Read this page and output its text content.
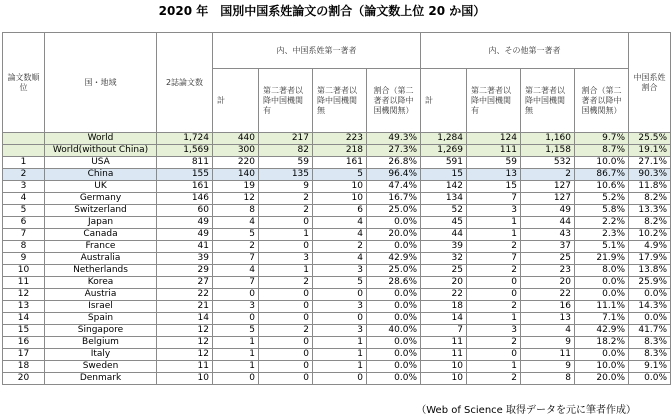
2020 年　国別中国系姓論文の割合（論文数上位 20 か国）
論文数順位	国・地域	2誌論文数	内、中国系姓第一著者				内、その他第一著者				中国系姓割合
			計	第二著者以降中国機関有	第二著者以降中国機関無	割合（第二著者以降中国機関無）	計	第二著者以降中国機関有	第二著者以降中国機関無	割合（第二著者以降中国機関無）	
	World	1,724	440	217	223	49.3%	1,284	124	1,160	9.7%	25.5%
	World(without China)	1,569	300	82	218	27.3%	1,269	111	1,158	8.7%	19.1%
1	USA	811	220	59	161	26.8%	591	59	532	10.0%	27.1%
2	China	155	140	135	5	96.4%	15	13	2	86.7%	90.3%
3	UK	161	19	9	10	47.4%	142	15	127	10.6%	11.8%
4	Germany	146	12	2	10	16.7%	134	7	127	5.2%	8.2%
5	Switzerland	60	8	2	6	25.0%	52	3	49	5.8%	13.3%
6	Japan	49	4	0	4	0.0%	45	1	44	2.2%	8.2%
7	Canada	49	5	1	4	20.0%	44	1	43	2.3%	10.2%
8	France	41	2	0	2	0.0%	39	2	37	5.1%	4.9%
9	Australia	39	7	3	4	42.9%	32	7	25	21.9%	17.9%
10	Netherlands	29	4	1	3	25.0%	25	2	23	8.0%	13.8%
11	Korea	27	7	2	5	28.6%	20	0	20	0.0%	25.9%
12	Austria	22	0	0	0	0.0%	22	0	22	0.0%	0.0%
13	Israel	21	3	0	3	0.0%	18	2	16	11.1%	14.3%
14	Spain	14	0	0	0	0.0%	14	1	13	7.1%	0.0%
15	Singapore	12	5	2	3	40.0%	7	3	4	42.9%	41.7%
16	Belgium	12	1	0	1	0.0%	11	2	9	18.2%	8.3%
17	Italy	12	1	0	1	0.0%	11	0	11	0.0%	8.3%
18	Sweden	11	1	0	1	0.0%	10	1	9	10.0%	9.1%
20	Denmark	10	0	0	0	0.0%	10	2	8	20.0%	0.0%
（Web of Science 取得データを元に筆者作成）
